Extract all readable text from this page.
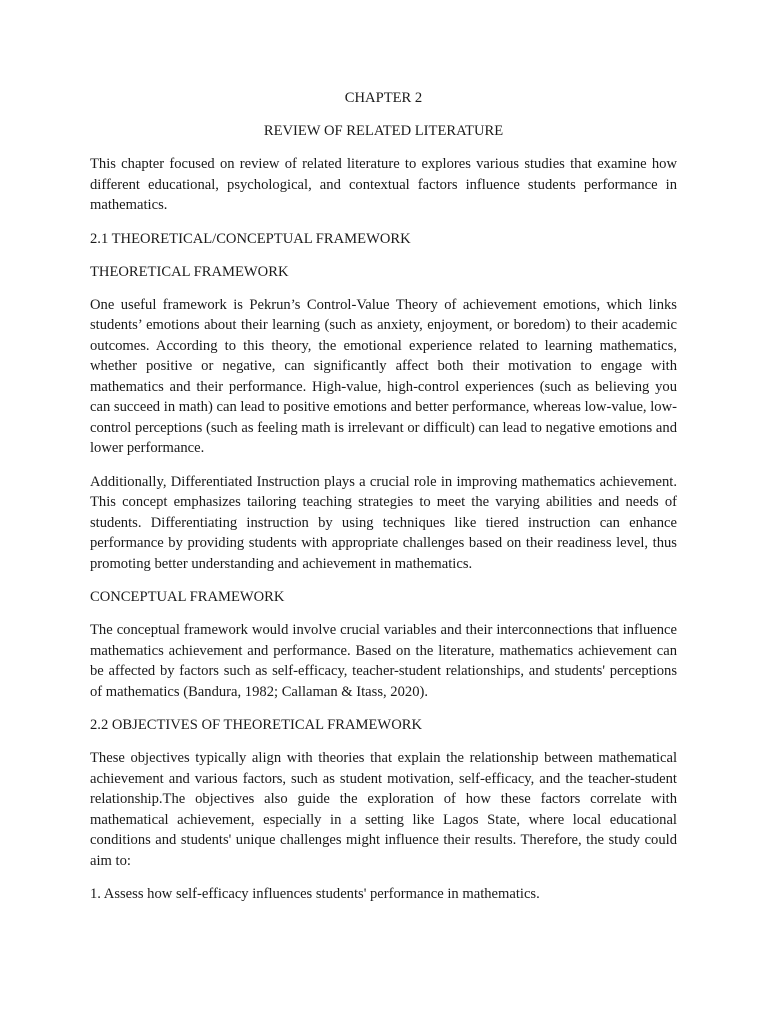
CHAPTER 2

REVIEW OF RELATED LITERATURE

This chapter focused on review of related literature to explores various studies that examine how different educational, psychological, and contextual factors influence students performance in mathematics.

2.1 THEORETICAL/CONCEPTUAL FRAMEWORK

THEORETICAL FRAMEWORK

One useful framework is Pekrun’s Control-Value Theory of achievement emotions, which links students’ emotions about their learning (such as anxiety, enjoyment, or boredom) to their academic outcomes. According to this theory, the emotional experience related to learning mathematics, whether positive or negative, can significantly affect both their motivation to engage with mathematics and their performance. High-value, high-control experiences (such as believing you can succeed in math) can lead to positive emotions and better performance, whereas low-value, low-control perceptions (such as feeling math is irrelevant or difficult) can lead to negative emotions and lower performance.

Additionally, Differentiated Instruction plays a crucial role in improving mathematics achievement. This concept emphasizes tailoring teaching strategies to meet the varying abilities and needs of students. Differentiating instruction by using techniques like tiered instruction can enhance performance by providing students with appropriate challenges based on their readiness level, thus promoting better understanding and achievement in mathematics.

CONCEPTUAL FRAMEWORK

The conceptual framework would involve crucial variables and their interconnections that influence mathematics achievement and performance. Based on the literature, mathematics achievement can be affected by factors such as self-efficacy, teacher-student relationships, and students' perceptions of mathematics (Bandura, 1982; Callaman & Itass, 2020).

2.2 OBJECTIVES OF THEORETICAL FRAMEWORK

These objectives typically align with theories that explain the relationship between mathematical achievement and various factors, such as student motivation, self-efficacy, and the teacher-student relationship.The objectives also guide the exploration of how these factors correlate with mathematical achievement, especially in a setting like Lagos State, where local educational conditions and students' unique challenges might influence their results. Therefore, the study could aim to:

1. Assess how self-efficacy influences students' performance in mathematics.
